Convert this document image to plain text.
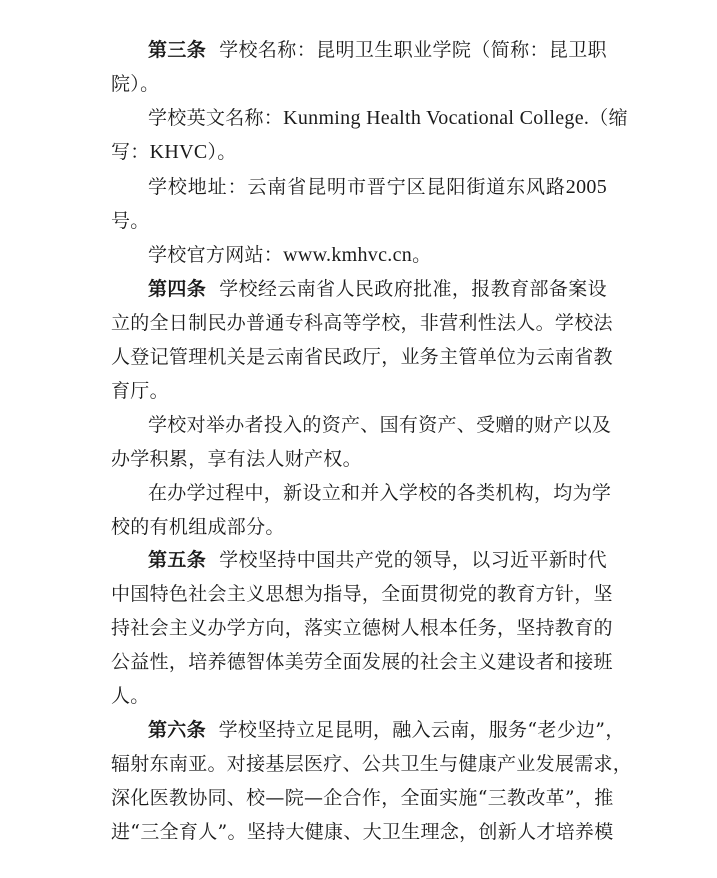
第三条 学校名称：昆明卫生职业学院（简称：昆卫职
院）。
学校英文名称：Kunming Health Vocational College.（缩
写：KHVC）。
学校地址：云南省昆明市晋宁区昆阳街道东风路2005
号。
学校官方网站：www.kmhvc.cn。
第四条 学校经云南省人民政府批准，报教育部备案设
立的全日制民办普通专科高等学校，非营利性法人。学校法
人登记管理机关是云南省民政厅，业务主管单位为云南省教
育厅。
学校对举办者投入的资产、国有资产、受赠的财产以及
办学积累，享有法人财产权。
在办学过程中，新设立和并入学校的各类机构，均为学
校的有机组成部分。
第五条 学校坚持中国共产党的领导，以习近平新时代
中国特色社会主义思想为指导，全面贯彻党的教育方针，坚
持社会主义办学方向，落实立德树人根本任务，坚持教育的
公益性，培养德智体美劳全面发展的社会主义建设者和接班
人。
第六条 学校坚持立足昆明，融入云南，服务“老少边”，
辐射东南亚。对接基层医疗、公共卫生与健康产业发展需求，
深化医教协同、校—院—企合作，全面实施“三教改革”，推
进“三全育人”。坚持大健康、大卫生理念，创新人才培养模
